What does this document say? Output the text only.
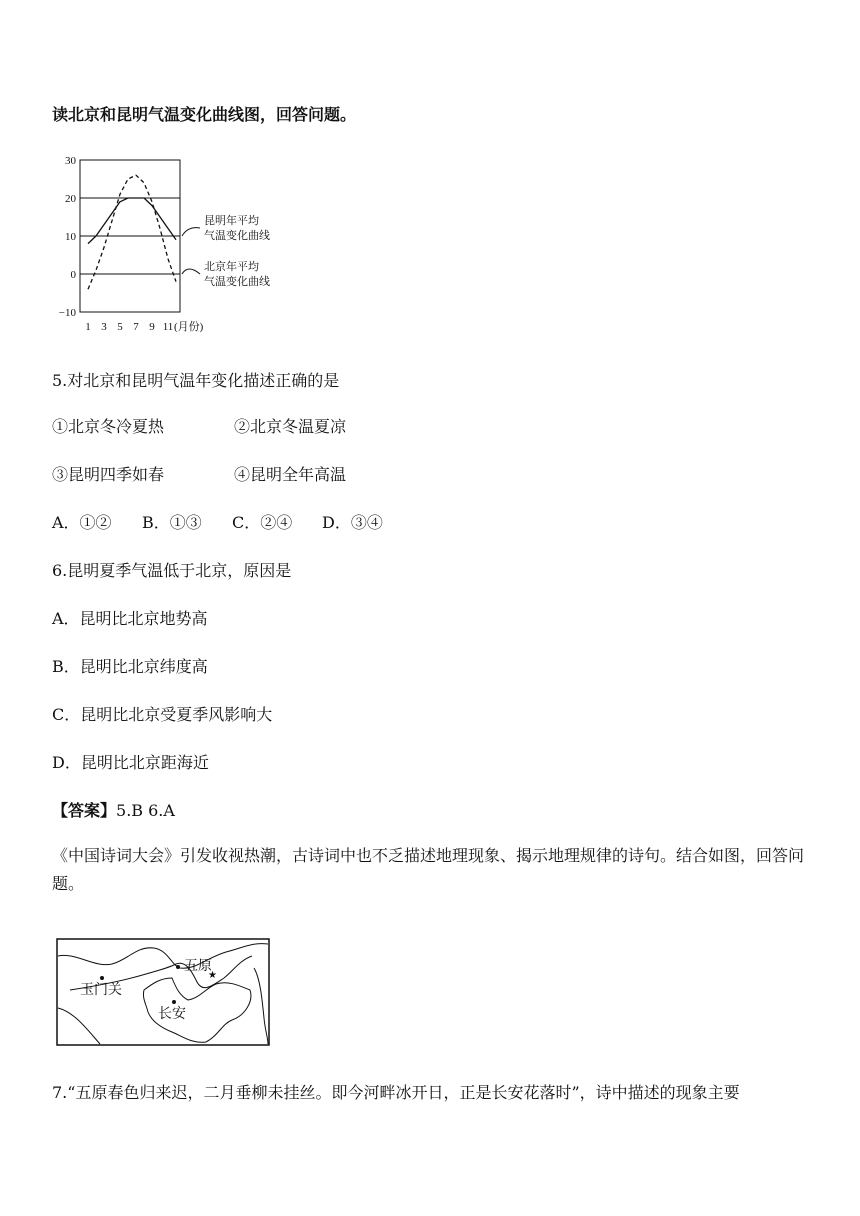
读北京和昆明气温变化曲线图，回答问题。
30
20
10
0
−10
1 3 5 7 9 11 (月份)
昆明年平均
气温变化曲线
北京年平均
气温变化曲线
5.对北京和昆明气温年变化描述正确的是
①北京冬冷夏热	②北京冬温夏凉
③昆明四季如春	④昆明全年高温
A．①② B．①③ C．②④ D．③④
6.昆明夏季气温低于北京，原因是
A．昆明比北京地势高
B．昆明比北京纬度高
C．昆明比北京受夏季风影响大
D．昆明比北京距海近
【答案】5.B 6.A
《中国诗词大会》引发收视热潮，古诗词中也不乏描述地理现象、揭示地理规律的诗句。结合如图，回答问题。
五原
★
玉门关
长安
7.“五原春色归来迟，二月垂柳未挂丝。即今河畔冰开日，正是长安花落时”，诗中描述的现象主要
